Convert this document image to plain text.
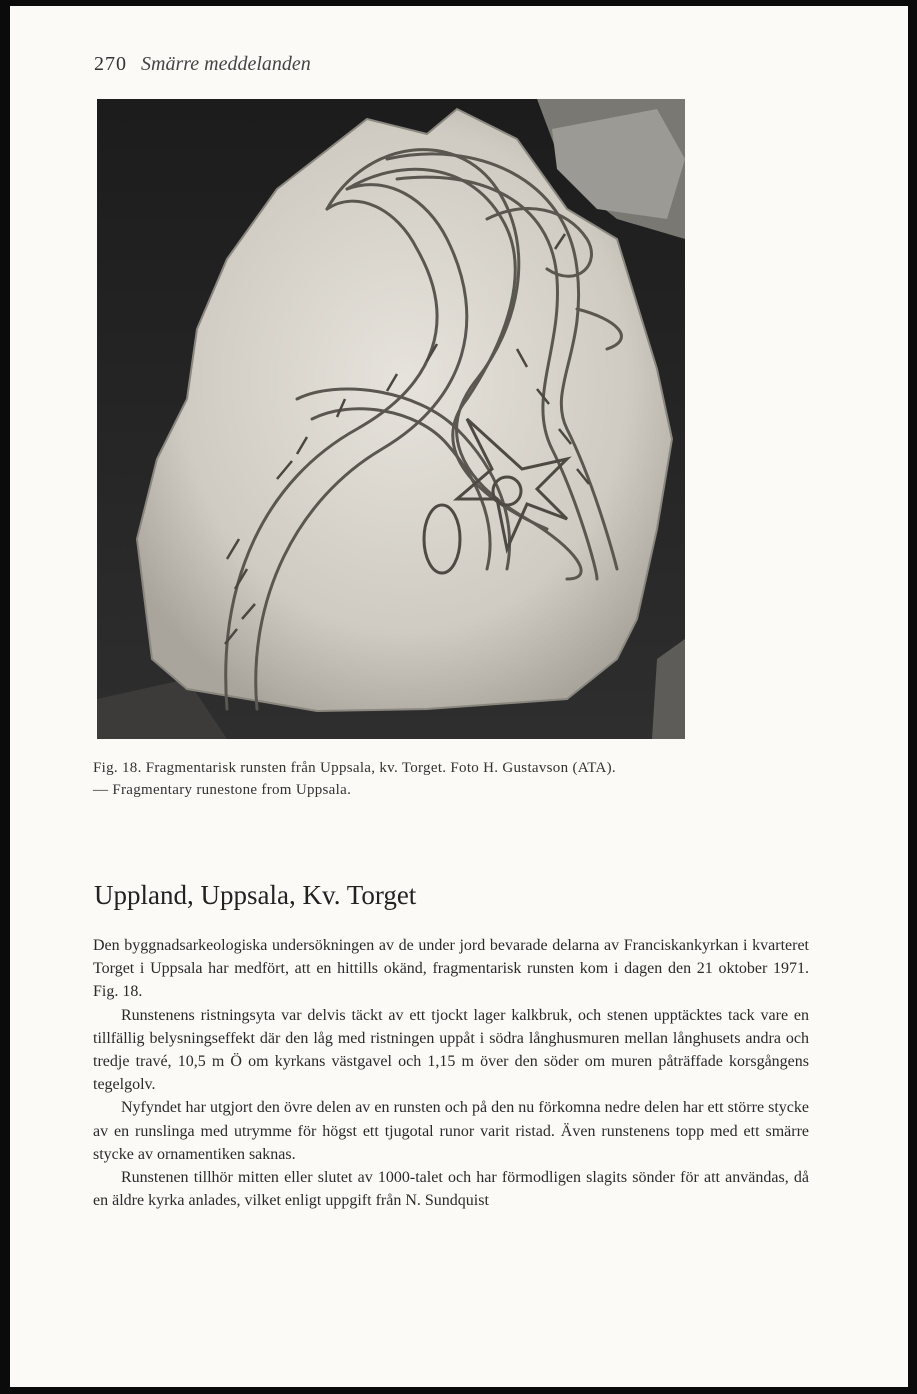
270 Smärre meddelanden
Fig. 18. Fragmentarisk runsten från Uppsala, kv. Torget. Foto H. Gustavson (ATA).
— Fragmentary runestone from Uppsala.
Uppland, Uppsala, Kv. Torget

Den byggnadsarkeologiska undersökningen av de under jord bevarade delarna av Franciskankyrkan i kvarteret Torget i Uppsala har medfört, att en hittills okänd, fragmentarisk runsten kom i dagen den 21 oktober 1971. Fig. 18.

Runstenens ristningsyta var delvis täckt av ett tjockt lager kalkbruk, och stenen upptäcktes tack vare en tillfällig belysningseffekt där den låg med ristningen uppåt i södra långhusmuren mellan långhusets andra och tredje travé, 10,5 m Ö om kyrkans västgavel och 1,15 m över den söder om muren påträffade korsgångens tegelgolv.

Nyfyndet har utgjort den övre delen av en runsten och på den nu förkomna nedre delen har ett större stycke av en runslinga med utrymme för högst ett tjugotal runor varit ristad. Även runstenens topp med ett smärre stycke av ornamentiken saknas.

Runstenen tillhör mitten eller slutet av 1000-talet och har förmodligen slagits sönder för att användas, då en äldre kyrka anlades, vilket enligt uppgift från N. Sundquist
